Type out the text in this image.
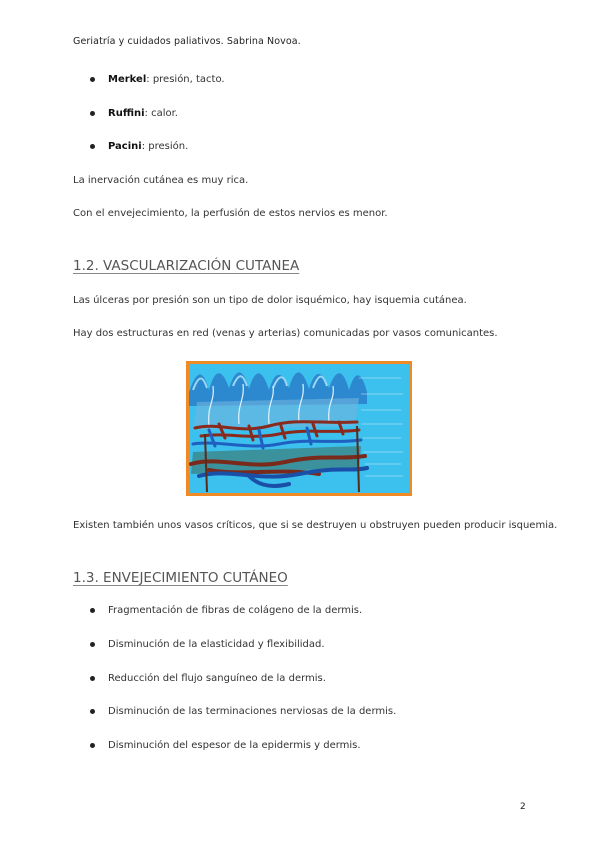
Geriatría y cuidados paliativos. Sabrina Novoa.
Merkel: presión, tacto.
Ruffini: calor.
Pacini: presión.
La inervación cutánea es muy rica.
Con el envejecimiento, la perfusión de estos nervios es menor.
1.2. VASCULARIZACIÓN CUTANEA
Las úlceras por presión son un tipo de dolor isquémico, hay isquemia cutánea.
Hay dos estructuras en red (venas y arterias) comunicadas por vasos comunicantes.
Existen también unos vasos críticos, que si se destruyen u obstruyen pueden producir isquemia.
1.3. ENVEJECIMIENTO CUTÁNEO
Fragmentación de fibras de colágeno de la dermis.
Disminución de la elasticidad y flexibilidad.
Reducción del flujo sanguíneo de la dermis.
Disminución de las terminaciones nerviosas de la dermis.
Disminución del espesor de la epidermis y dermis.
2
